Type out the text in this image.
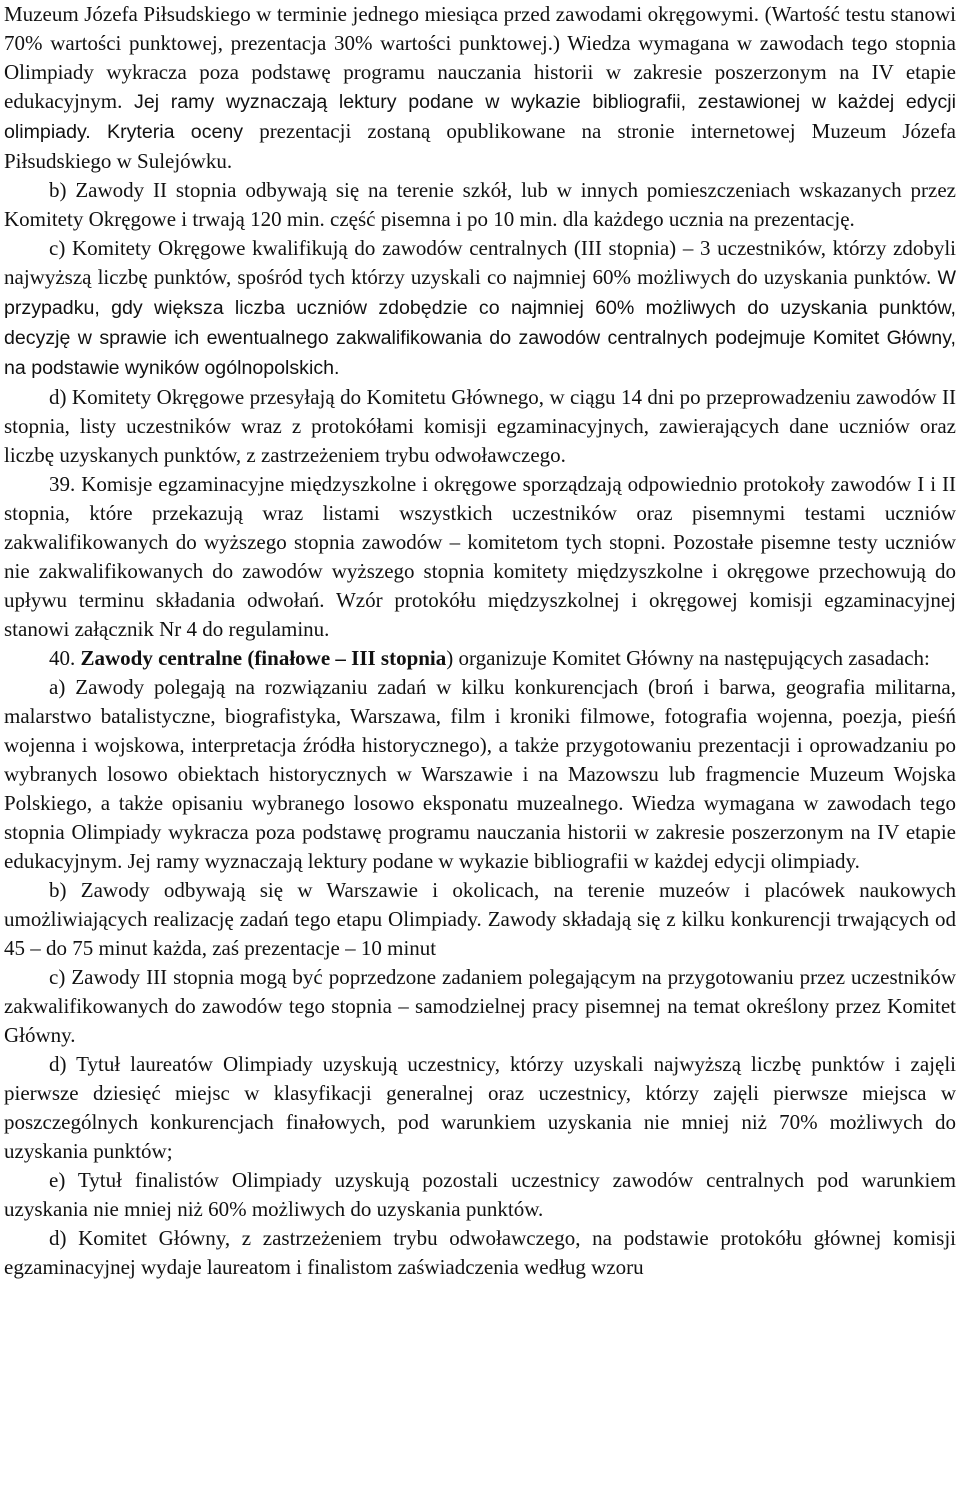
Muzeum Józefa Piłsudskiego w terminie jednego miesiąca przed zawodami okręgowymi. (Wartość testu stanowi 70% wartości punktowej, prezentacja 30% wartości punktowej.) Wiedza wymagana w zawodach tego stopnia Olimpiady wykracza poza podstawę programu nauczania historii w zakresie poszerzonym na IV etapie edukacyjnym. Jej ramy wyznaczają lektury podane w wykazie bibliografii, zestawionej w każdej edycji olimpiady. Kryteria oceny prezentacji zostaną opublikowane na stronie internetowej Muzeum Józefa Piłsudskiego w Sulejówku.

b) Zawody II stopnia odbywają się na terenie szkół, lub w innych pomieszczeniach wskazanych przez Komitety Okręgowe i trwają 120 min. część pisemna i po 10 min. dla każdego ucznia na prezentację.

c) Komitety Okręgowe kwalifikują do zawodów centralnych (III stopnia) – 3 uczestników, którzy zdobyli najwyższą liczbę punktów, spośród tych którzy uzyskali co najmniej 60% możliwych do uzyskania punktów. W przypadku, gdy większa liczba uczniów zdobędzie co najmniej 60% możliwych do uzyskania punktów, decyzję w sprawie ich ewentualnego zakwalifikowania do zawodów centralnych podejmuje Komitet Główny, na podstawie wyników ogólnopolskich.

d) Komitety Okręgowe przesyłają do Komitetu Głównego, w ciągu 14 dni po przeprowadzeniu zawodów II stopnia, listy uczestników wraz z protokółami komisji egzaminacyjnych, zawierających dane uczniów oraz liczbę uzyskanych punktów, z zastrzeżeniem trybu odwoławczego.

39. Komisje egzaminacyjne międzyszkolne i okręgowe sporządzają odpowiednio protokoły zawodów I i II stopnia, które przekazują wraz listami wszystkich uczestników oraz pisemnymi testami uczniów zakwalifikowanych do wyższego stopnia zawodów – komitetom tych stopni. Pozostałe pisemne testy uczniów nie zakwalifikowanych do zawodów wyższego stopnia komitety międzyszkolne i okręgowe przechowują do upływu terminu składania odwołań. Wzór protokółu międzyszkolnej i okręgowej komisji egzaminacyjnej stanowi załącznik Nr 4 do regulaminu.

40. Zawody centralne (finałowe – III stopnia) organizuje Komitet Główny na następujących zasadach:

a) Zawody polegają na rozwiązaniu zadań w kilku konkurencjach (broń i barwa, geografia militarna, malarstwo batalistyczne, biografistyka, Warszawa, film i kroniki filmowe, fotografia wojenna, poezja, pieśń wojenna i wojskowa, interpretacja źródła historycznego), a także przygotowaniu prezentacji i oprowadzaniu po wybranych losowo obiektach historycznych w Warszawie i na Mazowszu lub fragmencie Muzeum Wojska Polskiego, a także opisaniu wybranego losowo eksponatu muzealnego. Wiedza wymagana w zawodach tego stopnia Olimpiady wykracza poza podstawę programu nauczania historii w zakresie poszerzonym na IV etapie edukacyjnym. Jej ramy wyznaczają lektury podane w wykazie bibliografii w każdej edycji olimpiady.

b) Zawody odbywają się w Warszawie i okolicach, na terenie muzeów i placówek naukowych umożliwiających realizację zadań tego etapu Olimpiady. Zawody składają się z kilku konkurencji trwających od 45 – do 75 minut każda, zaś prezentacje – 10 minut

c) Zawody III stopnia mogą być poprzedzone zadaniem polegającym na przygotowaniu przez uczestników zakwalifikowanych do zawodów tego stopnia – samodzielnej pracy pisemnej na temat określony przez Komitet Główny.

d) Tytuł laureatów Olimpiady uzyskują uczestnicy, którzy uzyskali najwyższą liczbę punktów i zajęli pierwsze dziesięć miejsc w klasyfikacji generalnej oraz uczestnicy, którzy zajęli pierwsze miejsca w poszczególnych konkurencjach finałowych, pod warunkiem uzyskania nie mniej niż 70% możliwych do uzyskania punktów;

e) Tytuł finalistów Olimpiady uzyskują pozostali uczestnicy zawodów centralnych pod warunkiem uzyskania nie mniej niż 60% możliwych do uzyskania punktów.

d) Komitet Główny, z zastrzeżeniem trybu odwoławczego, na podstawie protokółu głównej komisji egzaminacyjnej wydaje laureatom i finalistom zaświadczenia według wzoru
